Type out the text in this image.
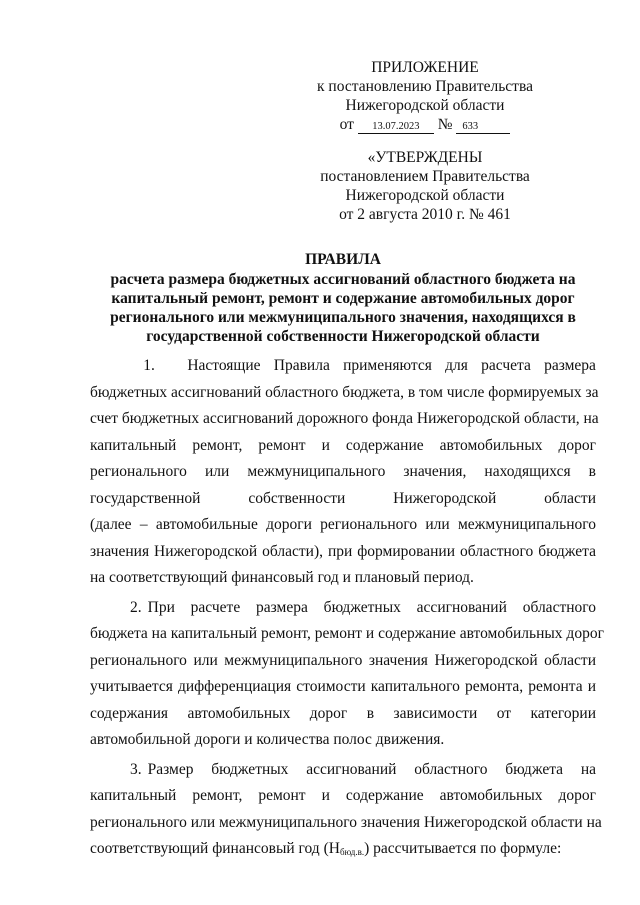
ПРИЛОЖЕНИЕ
к постановлению Правительства
Нижегородской области
от 13.07.2023 № 633
«УТВЕРЖДЕНЫ
постановлением Правительства
Нижегородской области
от 2 августа 2010 г. № 461
ПРАВИЛА
расчета размера бюджетных ассигнований областного бюджета на
капитальный ремонт, ремонт и содержание автомобильных дорог
регионального или межмуниципального значения, находящихся в
государственной собственности Нижегородской области
1. Настоящие Правила применяются для расчета размера
бюджетных ассигнований областного бюджета, в том числе формируемых за
счет бюджетных ассигнований дорожного фонда Нижегородской области, на
капитальный ремонт, ремонт и содержание автомобильных дорог
регионального или межмуниципального значения, находящихся в
государственной собственности Нижегородской области
(далее – автомобильные дороги регионального или межмуниципального
значения Нижегородской области), при формировании областного бюджета
на соответствующий финансовый год и плановый период.
2. При расчете размера бюджетных ассигнований областного
бюджета на капитальный ремонт, ремонт и содержание автомобильных дорог
регионального или межмуниципального значения Нижегородской области
учитывается дифференциация стоимости капитального ремонта, ремонта и
содержания автомобильных дорог в зависимости от категории
автомобильной дороги и количества полос движения.
3. Размер бюджетных ассигнований областного бюджета на
капитальный ремонт, ремонт и содержание автомобильных дорог
регионального или межмуниципального значения Нижегородской области на
соответствующий финансовый год $(Н_{бюд.в.})$ рассчитывается по формуле:
